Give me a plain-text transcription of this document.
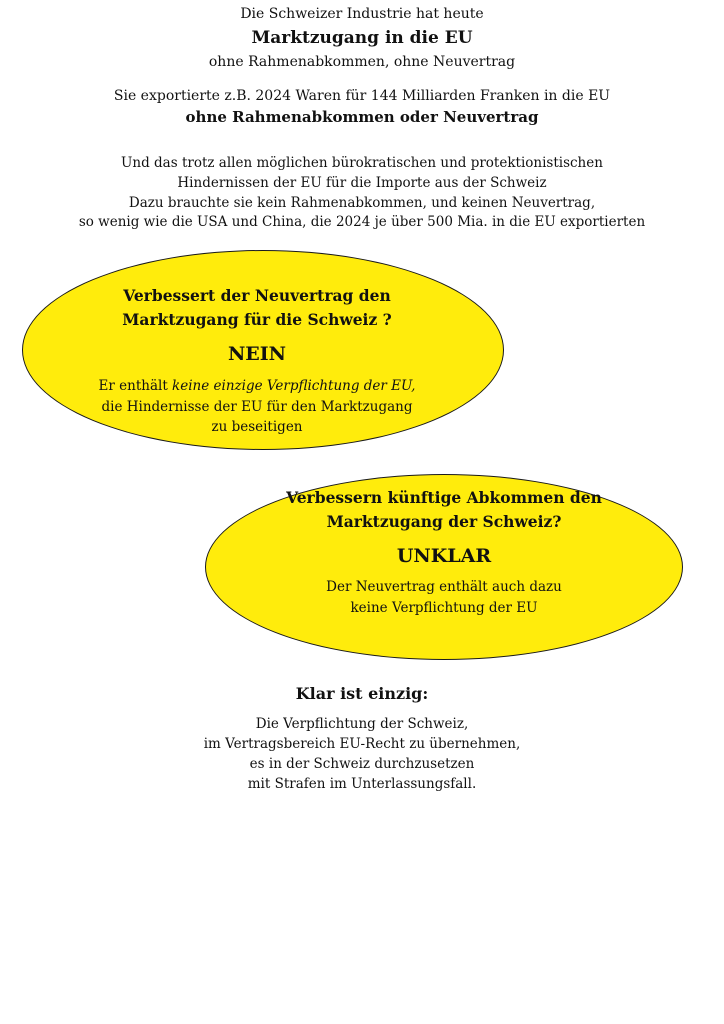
Die Schweizer Industrie hat heute
Marktzugang in die EU
ohne Rahmenabkommen, ohne Neuvertrag
Sie exportierte z.B. 2024 Waren für 144 Milliarden Franken in die EU
ohne Rahmenabkommen oder Neuvertrag
Und das trotz allen möglichen bürokratischen und protektionistischen
Hindernissen der EU für die Importe aus der Schweiz
Dazu brauchte sie kein Rahmenabkommen, und keinen Neuvertrag,
so wenig wie die USA und China, die 2024 je über 500 Mia. in die EU exportierten
Verbessert der Neuvertrag den
Marktzugang für die Schweiz ?
NEIN
Er enthält keine einzige Verpflichtung der EU,
die Hindernisse der EU für den Marktzugang
zu beseitigen
Verbessern künftige Abkommen den
Marktzugang der Schweiz?
UNKLAR
Der Neuvertrag enthält auch dazu
keine Verpflichtung der EU
Klar ist einzig:
Die Verpflichtung der Schweiz,
im Vertragsbereich EU-Recht zu übernehmen,
es in der Schweiz durchzusetzen
mit Strafen im Unterlassungsfall.
